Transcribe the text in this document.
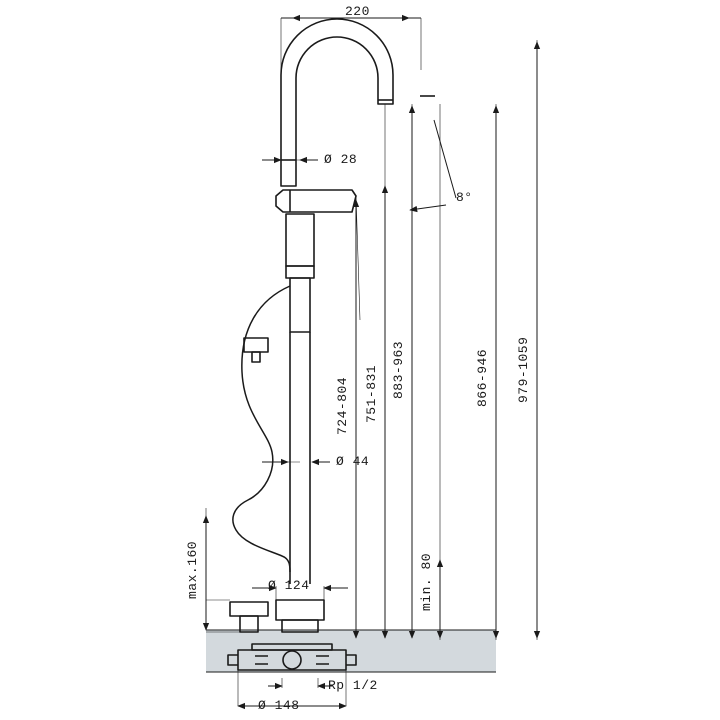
220
Ø 28
Ø 44
8°
724-804 751-831 883-963	866-946 979-1059
min. 80
max.160	Ø 124
Rp 1/2
Ø 148
